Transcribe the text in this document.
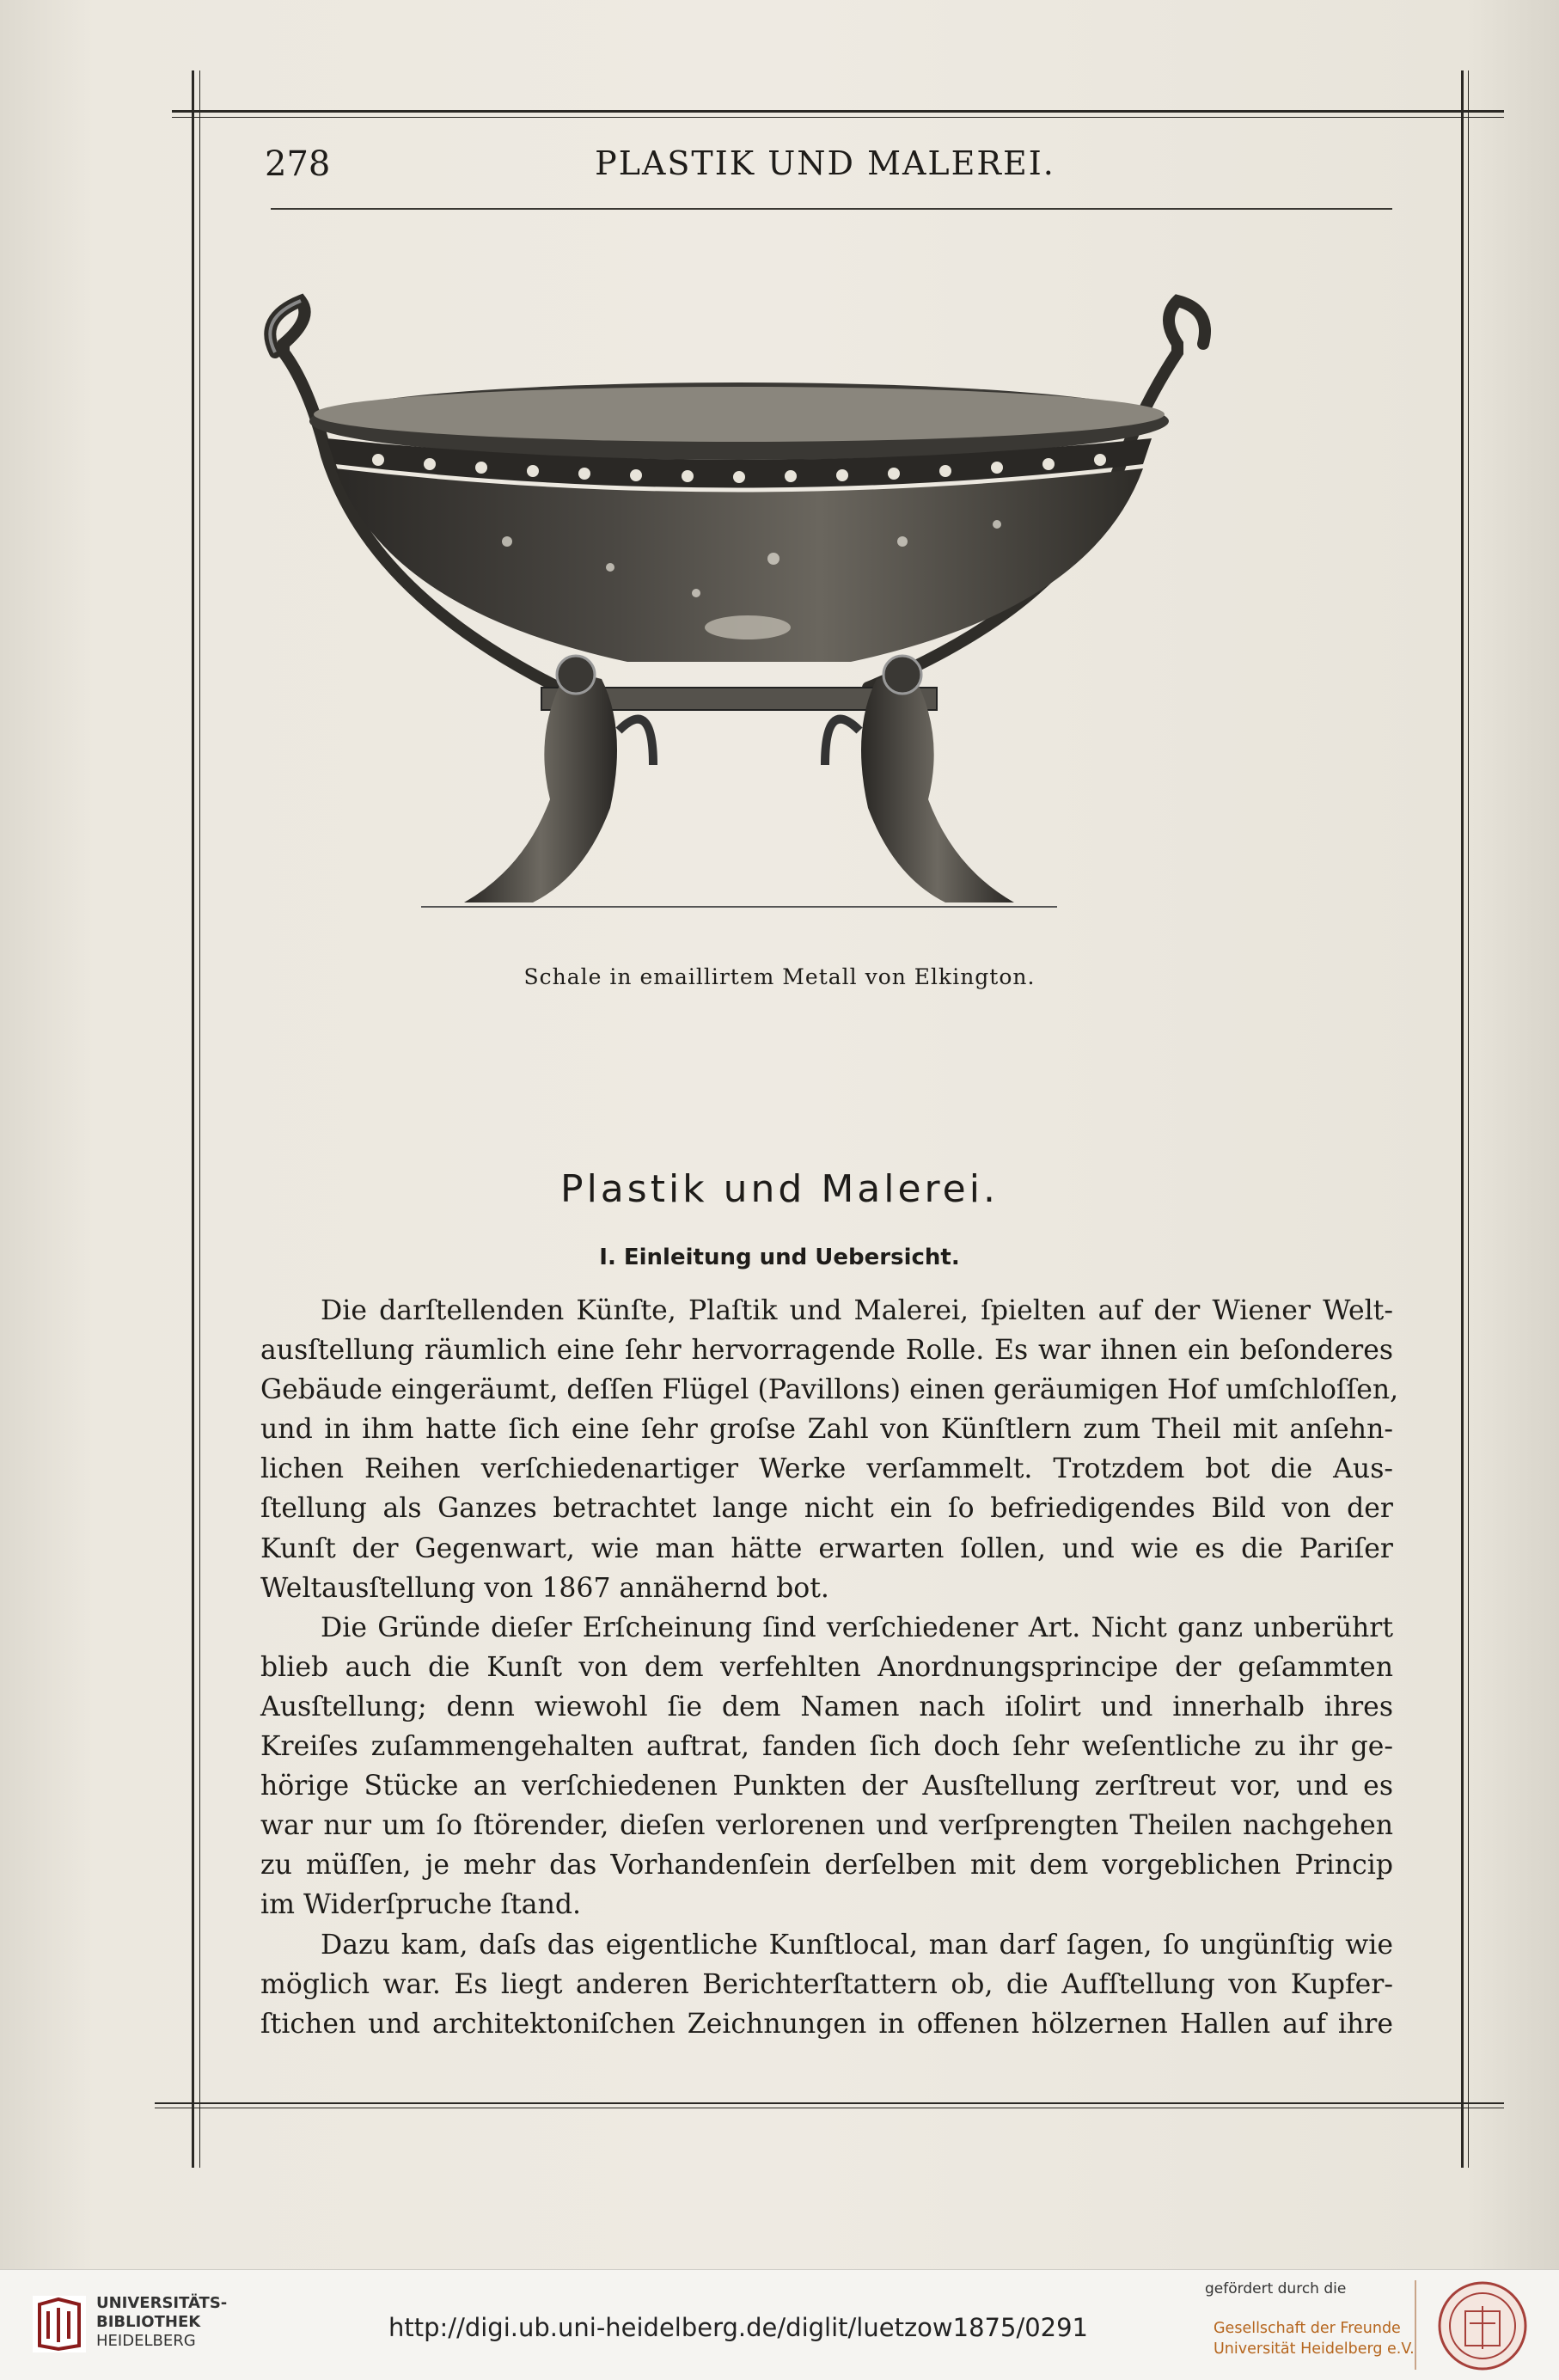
278	PLASTIK UND MALEREI.
Schale in emaillirtem Metall von Elkington.
Plastik und Malerei.
I. Einleitung und Uebersicht.
Die darſtellenden Künſte, Plaſtik und Malerei, ſpielten auf der Wiener Welt-
ausſtellung räumlich eine ſehr hervorragende Rolle. Es war ihnen ein beſonderes
Gebäude eingeräumt, deſſen Flügel (Pavillons) einen geräumigen Hof umſchloſſen,
und in ihm hatte ſich eine ſehr groſse Zahl von Künſtlern zum Theil mit anſehn-
lichen Reihen verſchiedenartiger Werke verſammelt. Trotzdem bot die Aus-
ſtellung als Ganzes betrachtet lange nicht ein ſo befriedigendes Bild von der
Kunſt der Gegenwart, wie man hätte erwarten ſollen, und wie es die Pariſer
Weltausſtellung von 1867 annähernd bot.
Die Gründe dieſer Erſcheinung ſind verſchiedener Art. Nicht ganz unberührt
blieb auch die Kunſt von dem verfehlten Anordnungsprincipe der geſammten
Ausſtellung; denn wiewohl ſie dem Namen nach iſolirt und innerhalb ihres
Kreiſes zuſammengehalten auftrat, fanden ſich doch ſehr weſentliche zu ihr ge-
hörige Stücke an verſchiedenen Punkten der Ausſtellung zerſtreut vor, und es
war nur um ſo ſtörender, dieſen verlorenen und verſprengten Theilen nachgehen
zu müſſen, je mehr das Vorhandenſein derſelben mit dem vorgeblichen Princip
im Widerſpruche ſtand.
Dazu kam, daſs das eigentliche Kunſtlocal, man darf ſagen, ſo ungünſtig wie
möglich war. Es liegt anderen Berichterſtattern ob, die Aufſtellung von Kupfer-
ſtichen und architektoniſchen Zeichnungen in offenen hölzernen Hallen auf ihre
UNIVERSITÄTS-
BIBLIOTHEK
HEIDELBERG	http://digi.ub.uni-heidelberg.de/diglit/luetzow1875/0291
gefördert durch die
Gesellschaft der Freunde
Universität Heidelberg e.V.
